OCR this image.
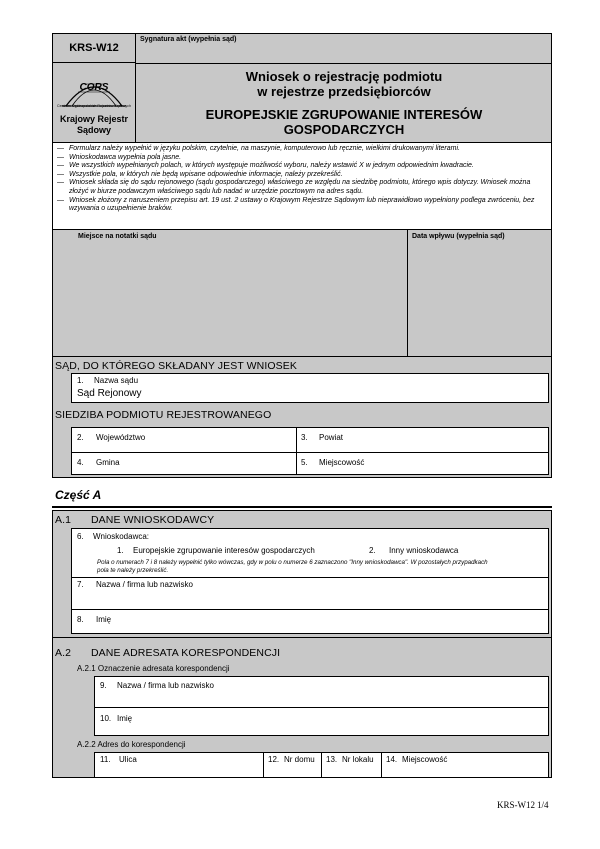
KRS-W12
Sygnatura akt (wypełnia sąd)
CORS
Centrum Ogólnopolskich Rejestrów Sądowych
Krajowy Rejestr
Sądowy
Wniosek o rejestrację podmiotu
w rejestrze przedsiębiorców
EUROPEJSKIE ZGRUPOWANIE INTERESÓW
GOSPODARCZYCH
— Formularz należy wypełnić w języku polskim, czytelnie, na maszynie, komputerowo lub ręcznie, wielkimi drukowanymi literami.
— Wnioskodawca wypełnia pola jasne.
— We wszystkich wypełnianych polach, w których występuje możliwość wyboru, należy wstawić X w jednym odpowiednim kwadracie.
— Wszystkie pola, w których nie będą wpisane odpowiednie informacje, należy przekreślić.
— Wniosek składa się do sądu rejonowego (sądu gospodarczego) właściwego ze względu na siedzibę podmiotu, którego wpis dotyczy. Wniosek można złożyć w biurze podawczym właściwego sądu lub nadać w urzędzie pocztowym na adres sądu.
— Wniosek złożony z naruszeniem przepisu art. 19 ust. 2 ustawy o Krajowym Rejestrze Sądowym lub nieprawidłowo wypełniony podlega zwróceniu, bez wzywania o uzupełnienie braków.
Miejsce na notatki sądu	Data wpływu (wypełnia sąd)
SĄD, DO KTÓREGO SKŁADANY JEST WNIOSEK
1. Nazwa sądu
Sąd Rejonowy
SIEDZIBA PODMIOTU REJESTROWANEGO
2. Województwo	3. Powiat
4. Gmina	5. Miejscowość
Część A
A.1 DANE WNIOSKODAWCY
6. Wnioskodawca:
1. Europejskie zgrupowanie interesów gospodarczych	2. Inny wnioskodawca
Pola o numerach 7 i 8 należy wypełnić tylko wówczas, gdy w polu o numerze 6 zaznaczono "Inny wnioskodawca". W pozostałych przypadkach
pola te należy przekreślić.
7. Nazwa / firma lub nazwisko
8. Imię
A.2 DANE ADRESATA KORESPONDENCJI
A.2.1 Oznaczenie adresata korespondencji
9. Nazwa / firma lub nazwisko
10. Imię
A.2.2 Adres do korespondencji
11. Ulica	12. Nr domu 13. Nr lokalu 14. Miejscowość
KRS-W12 1/4
